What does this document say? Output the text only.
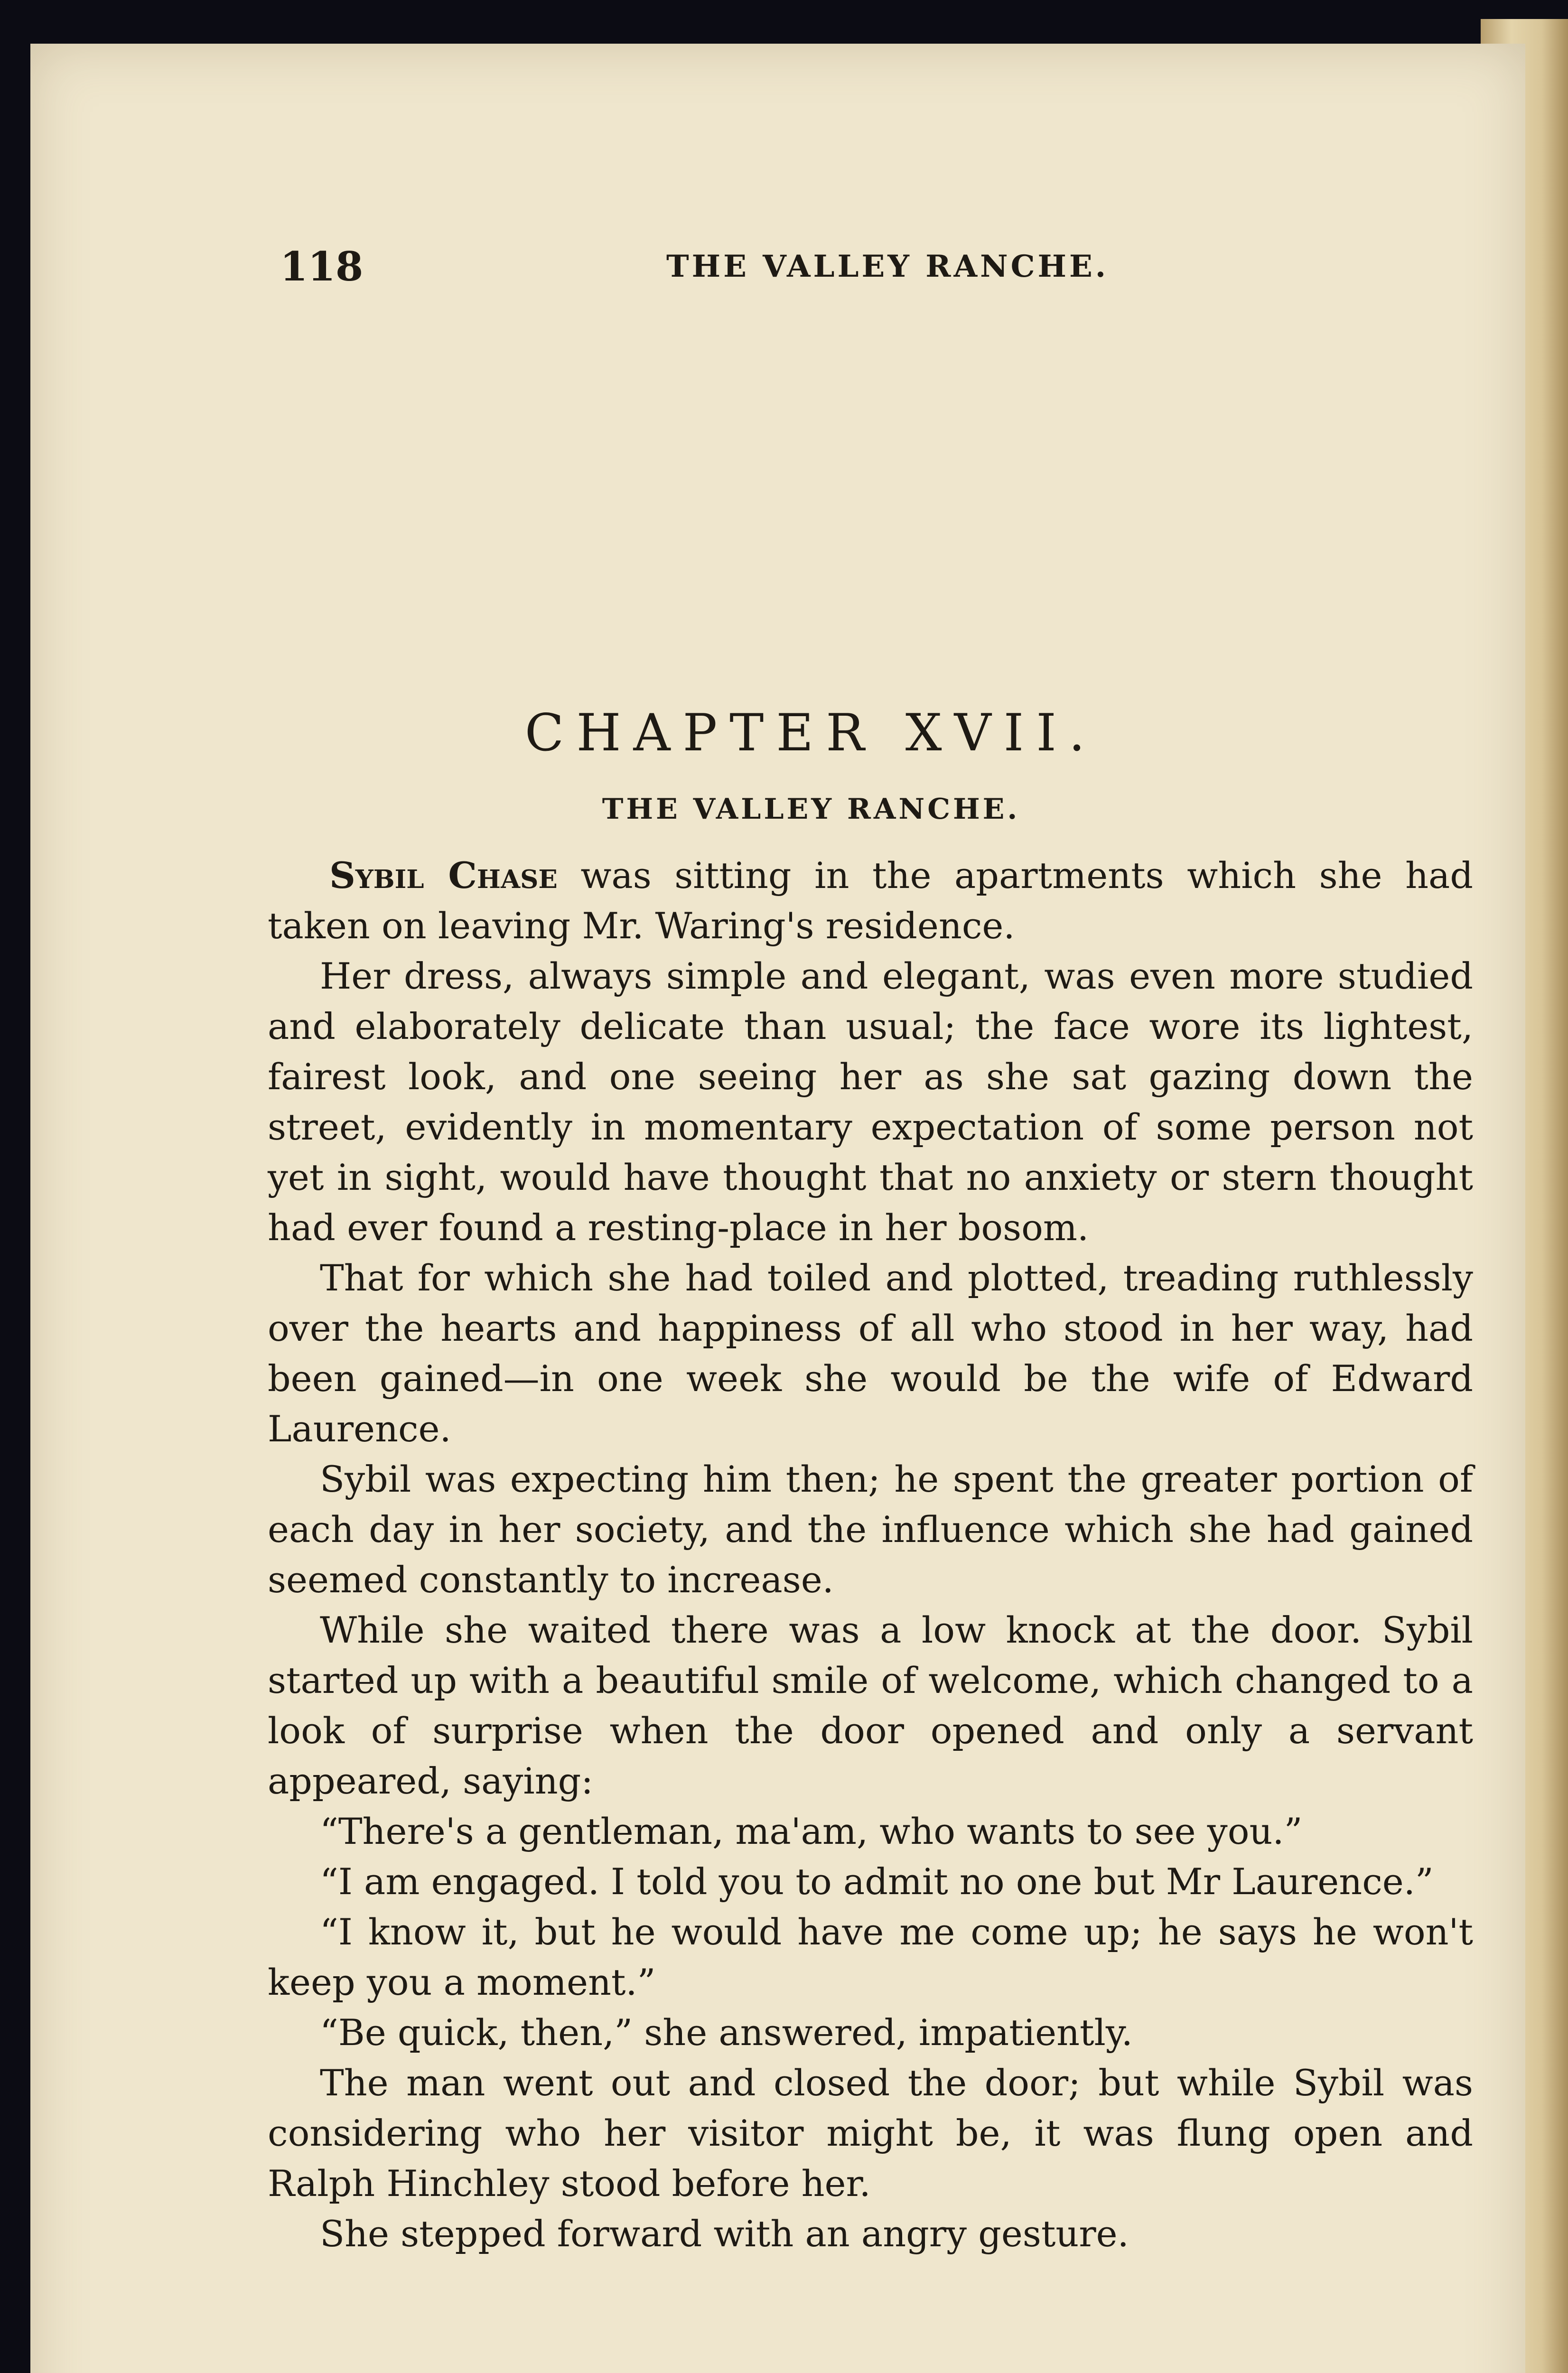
118	THE VALLEY RANCHE.
CHAPTER XVII.
THE VALLEY RANCHE.

Sybil Chase was sitting in the apartments which she had taken on leaving Mr. Waring's residence.

Her dress, always simple and elegant, was even more studied and elaborately delicate than usual; the face wore its lightest, fairest look, and one seeing her as she sat gazing down the street, evidently in momentary expectation of some person not yet in sight, would have thought that no anxiety or stern thought had ever found a resting-place in her bosom.

That for which she had toiled and plotted, treading ruthlessly over the hearts and happiness of all who stood in her way, had been gained—in one week she would be the wife of Edward Laurence.

Sybil was expecting him then; he spent the greater portion of each day in her society, and the influence which she had gained seemed constantly to increase.

While she waited there was a low knock at the door. Sybil started up with a beautiful smile of welcome, which changed to a look of surprise when the door opened and only a servant appeared, saying:

“There's a gentleman, ma'am, who wants to see you.”

“I am engaged. I told you to admit no one but Mr Laurence.”

“I know it, but he would have me come up; he says he won't keep you a moment.”

“Be quick, then,” she answered, impatiently.

The man went out and closed the door; but while Sybil was considering who her visitor might be, it was flung open and Ralph Hinchley stood before her.

She stepped forward with an angry gesture.
